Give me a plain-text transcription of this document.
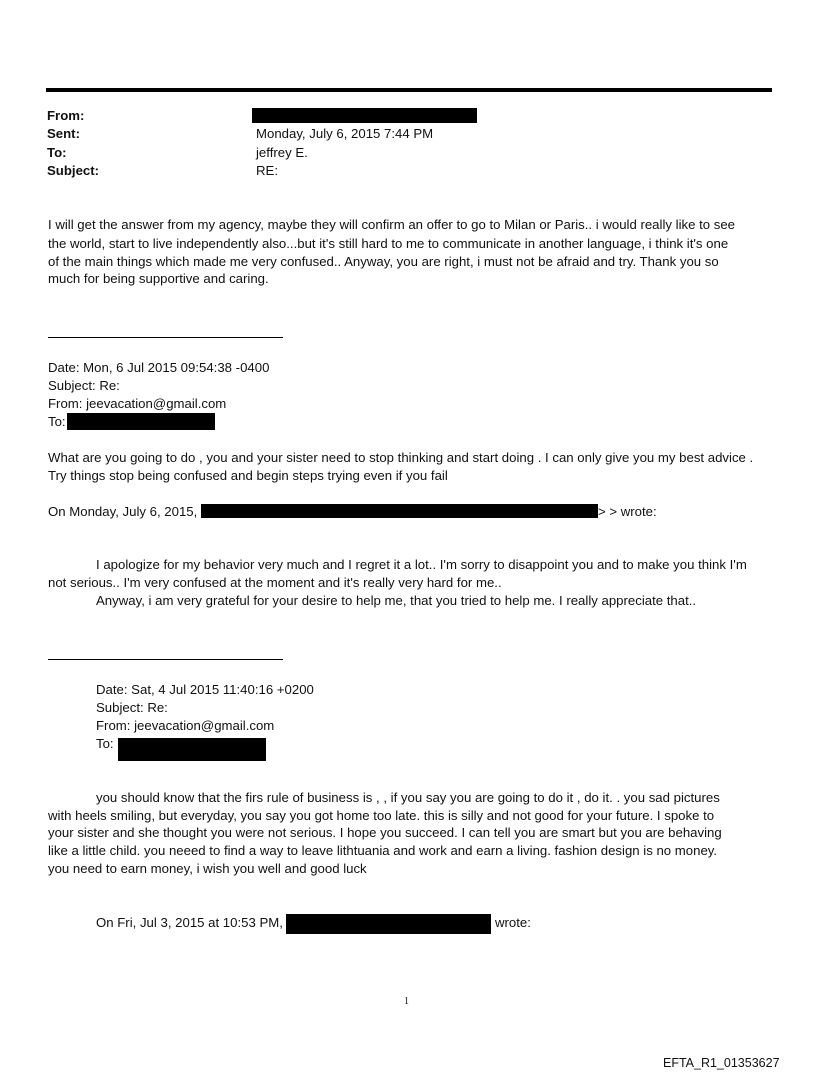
From:
Sent:	Monday, July 6, 2015 7:44 PM
To:	jeffrey E.
Subject:	RE:
I will get the answer from my agency, maybe they will confirm an offer to go to Milan or Paris.. i would really like to see
the world, start to live independently also...but it's still hard to me to communicate in another language, i think it's one
of the main things which made me very confused.. Anyway, you are right, i must not be afraid and try. Thank you so
much for being supportive and caring.
Date: Mon, 6 Jul 2015 09:54:38 -0400
Subject: Re:
From: jeevacation@gmail.com
To:
What are you going to do , you and your sister need to stop thinking and start doing . I can only give you my best advice .
Try things stop being confused and begin steps trying even if you fail
On Monday, July 6, 2015,	> > wrote:
I apologize for my behavior very much and I regret it a lot.. I'm sorry to disappoint you and to make you think I'm
not serious.. I'm very confused at the moment and it's really very hard for me..
Anyway, i am very grateful for your desire to help me, that you tried to help me. I really appreciate that..
Date: Sat, 4 Jul 2015 11:40:16 +0200
Subject: Re:
From: jeevacation@gmail.com
To:
you should know that the firs rule of business is , , if you say you are going to do it , do it. . you sad pictures
with heels smiling, but everyday, you say you got home too late. this is silly and not good for your future. I spoke to
your sister and she thought you were not serious. I hope you succeed. I can tell you are smart but you are behaving
like a little child. you neeed to find a way to leave lithtuania and work and earn a living. fashion design is no money.
you need to earn money, i wish you well and good luck
On Fri, Jul 3, 2015 at 10:53 PM,	wrote:
1
EFTA_R1_01353627
